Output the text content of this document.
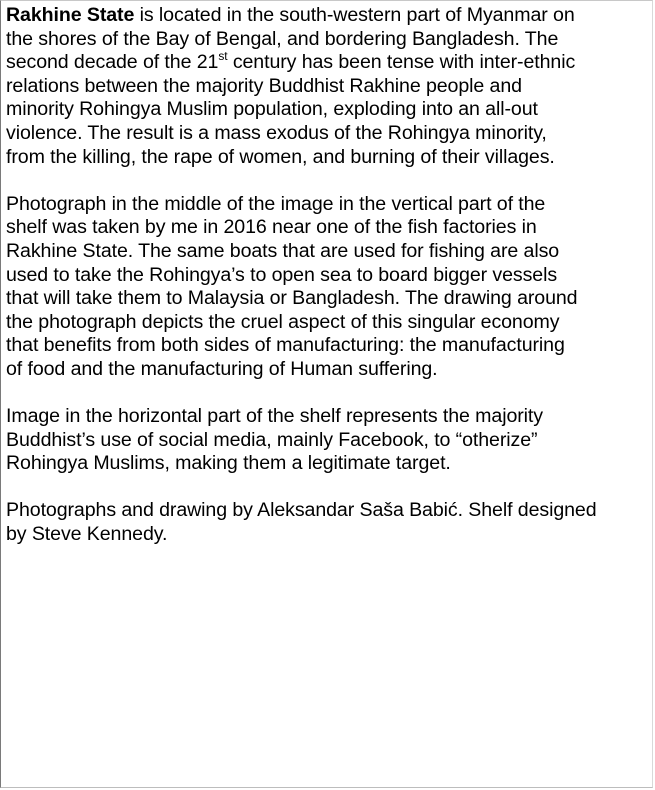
Rakhine State is located in the south-western part of Myanmar on
the shores of the Bay of Bengal, and bordering Bangladesh. The
second decade of the 21st century has been tense with inter-ethnic
relations between the majority Buddhist Rakhine people and
minority Rohingya Muslim population, exploding into an all-out
violence. The result is a mass exodus of the Rohingya minority,
from the killing, the rape of women, and burning of their villages.

Photograph in the middle of the image in the vertical part of the
shelf was taken by me in 2016 near one of the fish factories in
Rakhine State. The same boats that are used for fishing are also
used to take the Rohingya’s to open sea to board bigger vessels
that will take them to Malaysia or Bangladesh. The drawing around
the photograph depicts the cruel aspect of this singular economy
that benefits from both sides of manufacturing: the manufacturing
of food and the manufacturing of Human suffering.

Image in the horizontal part of the shelf represents the majority
Buddhist’s use of social media, mainly Facebook, to “otherize”
Rohingya Muslims, making them a legitimate target.

Photographs and drawing by Aleksandar Saša Babić. Shelf designed
by Steve Kennedy.
